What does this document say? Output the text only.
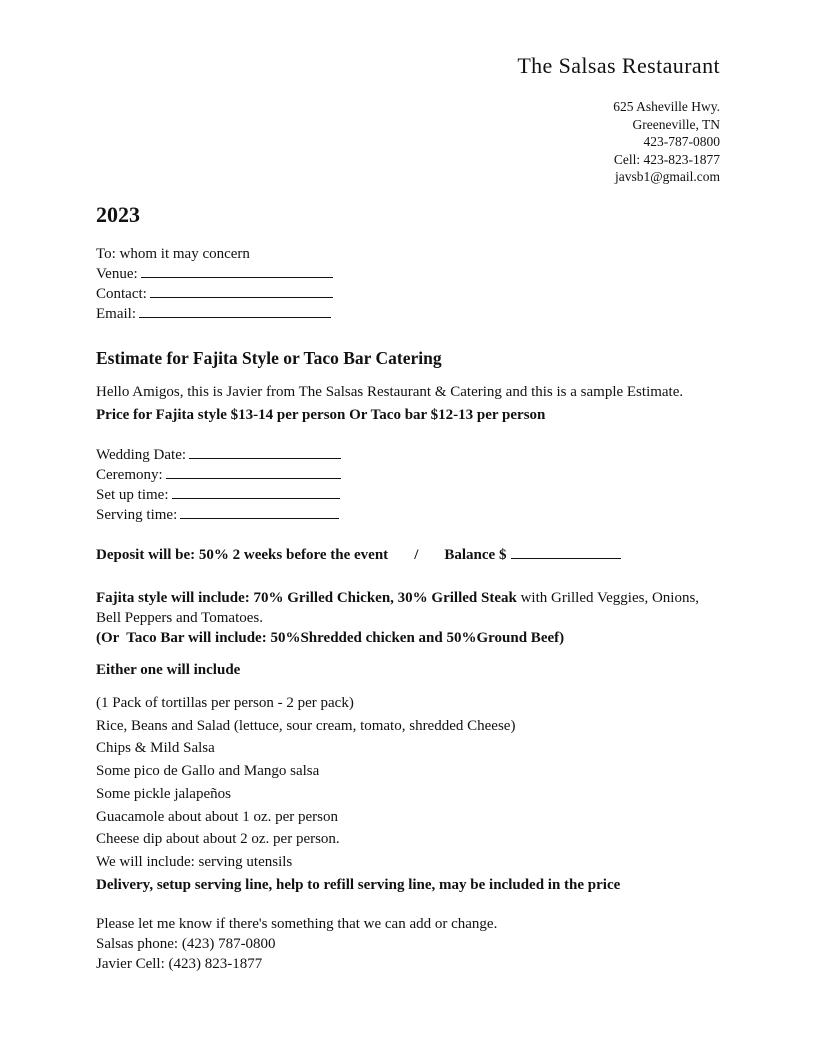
The Salsas Restaurant
625 Asheville Hwy.
Greeneville, TN
423-787-0800
Cell: 423-823-1877
javsb1@gmail.com
2023
To: whom it may concern
Venue:
Contact:
Email:
Estimate for Fajita Style or Taco Bar Catering
Hello Amigos, this is Javier from The Salsas Restaurant & Catering and this is a sample Estimate.
Price for Fajita style $13-14 per person Or Taco bar $12-13 per person
Wedding Date:
Ceremony:
Set up time:
Serving time:
Deposit will be: 50% 2 weeks before the event / Balance $
Fajita style will include: 70% Grilled Chicken, 30% Grilled Steak with Grilled Veggies, Onions, Bell Peppers and Tomatoes.
(Or  Taco Bar will include: 50%Shredded chicken and 50%Ground Beef)
Either one will include
(1 Pack of tortillas per person - 2 per pack)
Rice, Beans and Salad (lettuce, sour cream, tomato, shredded Cheese)
Chips & Mild Salsa
Some pico de Gallo and Mango salsa
Some pickle jalapeños
Guacamole about about 1 oz. per person
Cheese dip about about 2 oz. per person.
We will include: serving utensils
Delivery, setup serving line, help to refill serving line, may be included in the price
Please let me know if there's something that we can add or change.
Salsas phone: (423) 787-0800
Javier Cell: (423) 823-1877
